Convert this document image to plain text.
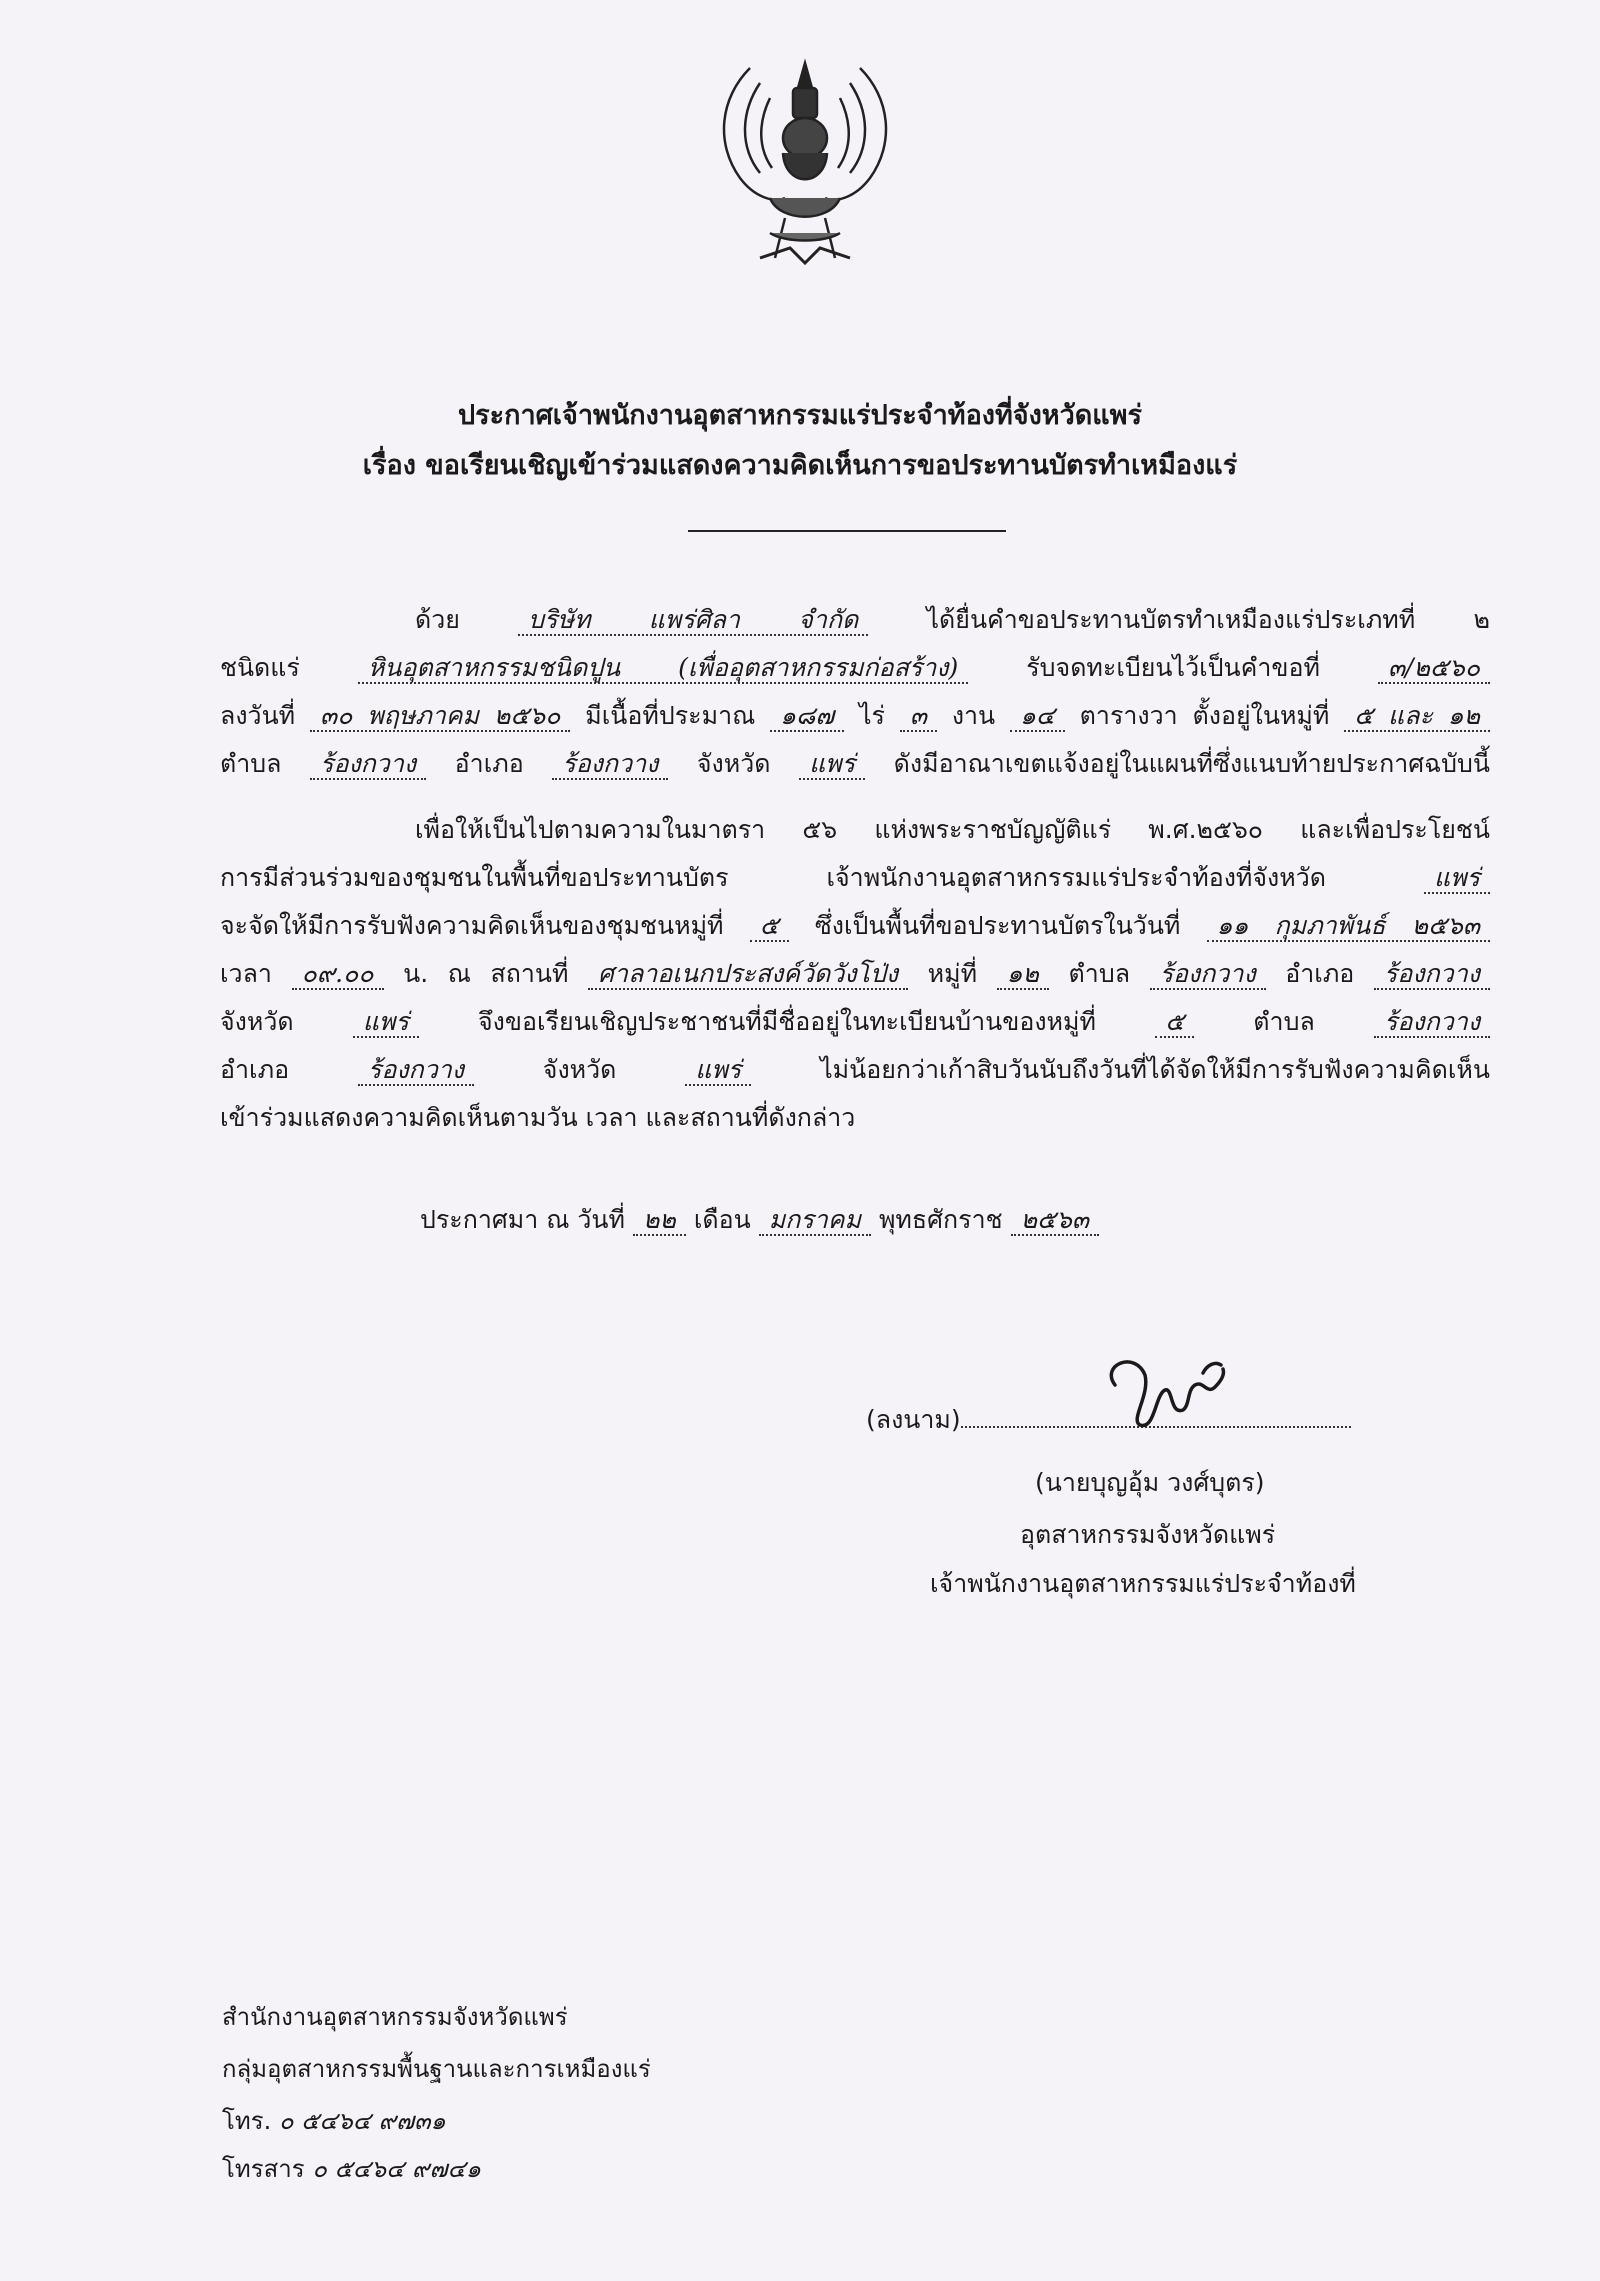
ประกาศเจ้าพนักงานอุตสาหกรรมแร่ประจำท้องที่จังหวัดแพร่
เรื่อง ขอเรียนเชิญเข้าร่วมแสดงความคิดเห็นการขอประทานบัตรทำเหมืองแร่
ด้วย	บริษัท แพร่ศิลา จำกัด	ได้ยื่นคำขอประทานบัตรทำเหมืองแร่ประเภทที่ ๒
ชนิดแร่	หินอุตสาหกรรมชนิดปูน (เพื่ออุตสาหกรรมก่อสร้าง)	รับจดทะเบียนไว้เป็นคำขอที่	๓/๒๕๖๐
ลงวันที่ ๓๐ พฤษภาคม ๒๕๖๐ มีเนื้อที่ประมาณ ๑๘๗ ไร่ ๓ งาน ๑๔ ตารางวา ตั้งอยู่ในหมู่ที่ ๕ และ ๑๒
ตำบล ร้องกวาง อำเภอ ร้องกวาง จังหวัด แพร่ ดังมีอาณาเขตแจ้งอยู่ในแผนที่ซึ่งแนบท้ายประกาศฉบับนี้
เพื่อให้เป็นไปตามความในมาตรา ๕๖ แห่งพระราชบัญญัติแร่ พ.ศ.๒๕๖๐ และเพื่อประโยชน์
การมีส่วนร่วมของชุมชนในพื้นที่ขอประทานบัตร เจ้าพนักงานอุตสาหกรรมแร่ประจำท้องที่จังหวัด	แพร่
จะจัดให้มีการรับฟังความคิดเห็นของชุมชนหมู่ที่ ๕ ซึ่งเป็นพื้นที่ขอประทานบัตรในวันที่ ๑๑ กุมภาพันธ์ ๒๕๖๓
เวลา ๐๙.๐๐ น. ณ สถานที่ ศาลาอเนกประสงค์วัดวังโป่ง หมู่ที่ ๑๒ ตำบล ร้องกวาง อำเภอ ร้องกวาง
จังหวัด	แพร่	จึงขอเรียนเชิญประชาชนที่มีชื่ออยู่ในทะเบียนบ้านของหมู่ที่	๕	ตำบล	ร้องกวาง
อำเภอ	ร้องกวาง	จังหวัด	แพร่	ไม่น้อยกว่าเก้าสิบวันนับถึงวันที่ได้จัดให้มีการรับฟังความคิดเห็น
เข้าร่วมแสดงความคิดเห็นตามวัน เวลา และสถานที่ดังกล่าว
ประกาศมา ณ วันที่ ๒๒ เดือน มกราคม พุทธศักราช ๒๕๖๓
(ลงนาม)
(นายบุญอุ้ม วงศ์บุตร)
อุตสาหกรรมจังหวัดแพร่
เจ้าพนักงานอุตสาหกรรมแร่ประจำท้องที่
สำนักงานอุตสาหกรรมจังหวัดแพร่
กลุ่มอุตสาหกรรมพื้นฐานและการเหมืองแร่
โทร. ๐ ๕๔๖๔ ๙๗๓๑
โทรสาร ๐ ๕๔๖๔ ๙๗๔๑
